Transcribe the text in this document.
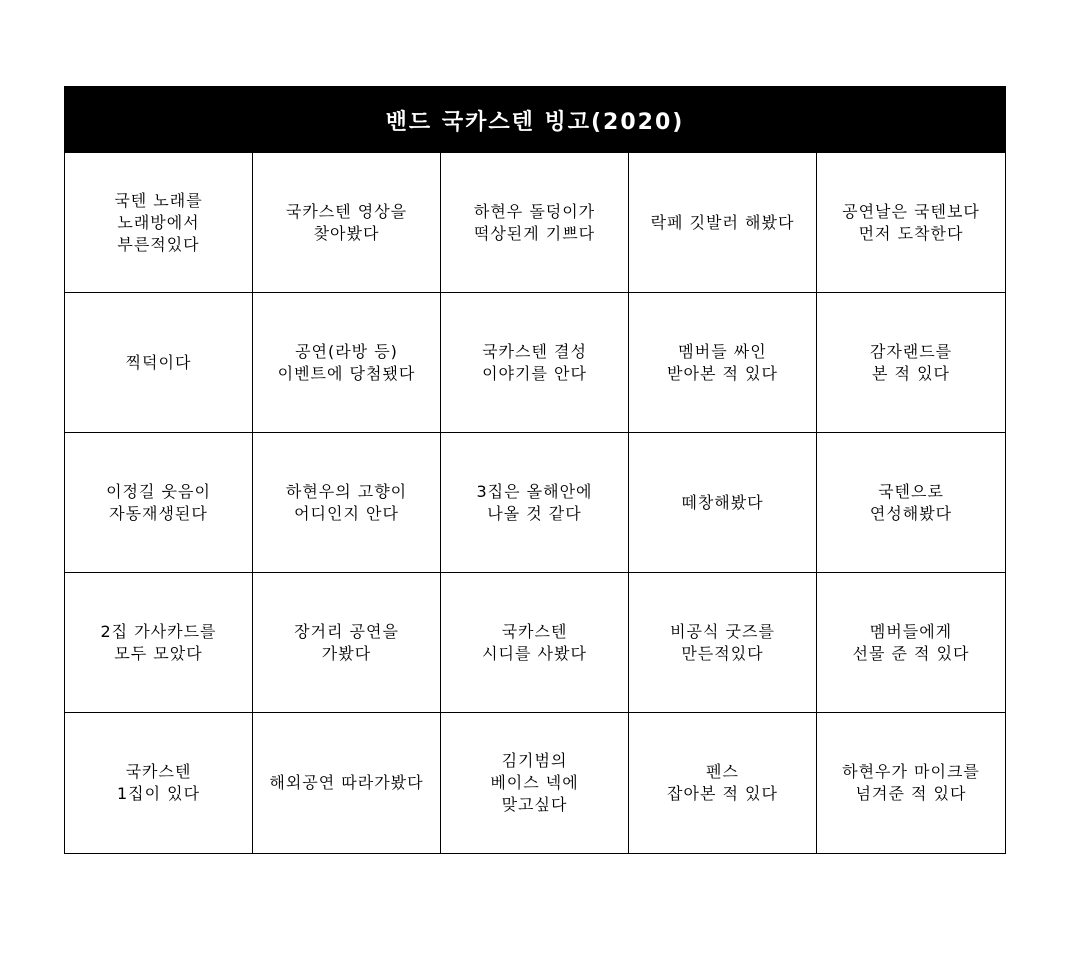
밴드 국카스텐 빙고(2020)
국텐 노래를
노래방에서
부른적있다
국카스텐 영상을
찾아봤다
하현우 돌덩이가
떡상된게 기쁘다
락페 깃발러 해봤다
공연날은 국텐보다
먼저 도착한다
찍덕이다
공연(라방 등)
이벤트에 당첨됐다
국카스텐 결성
이야기를 안다
멤버들 싸인
받아본 적 있다
감자랜드를
본 적 있다
이정길 웃음이
자동재생된다
하현우의 고향이
어디인지 안다
3집은 올해안에
나올 것 같다
떼창해봤다
국텐으로
연성해봤다
2집 가사카드를
모두 모았다
장거리 공연을
가봤다
국카스텐
시디를 사봤다
비공식 굿즈를
만든적있다
멤버들에게
선물 준 적 있다
국카스텐
1집이 있다
해외공연 따라가봤다
김기범의
베이스 넥에
맞고싶다
펜스
잡아본 적 있다
하현우가 마이크를
넘겨준 적 있다
